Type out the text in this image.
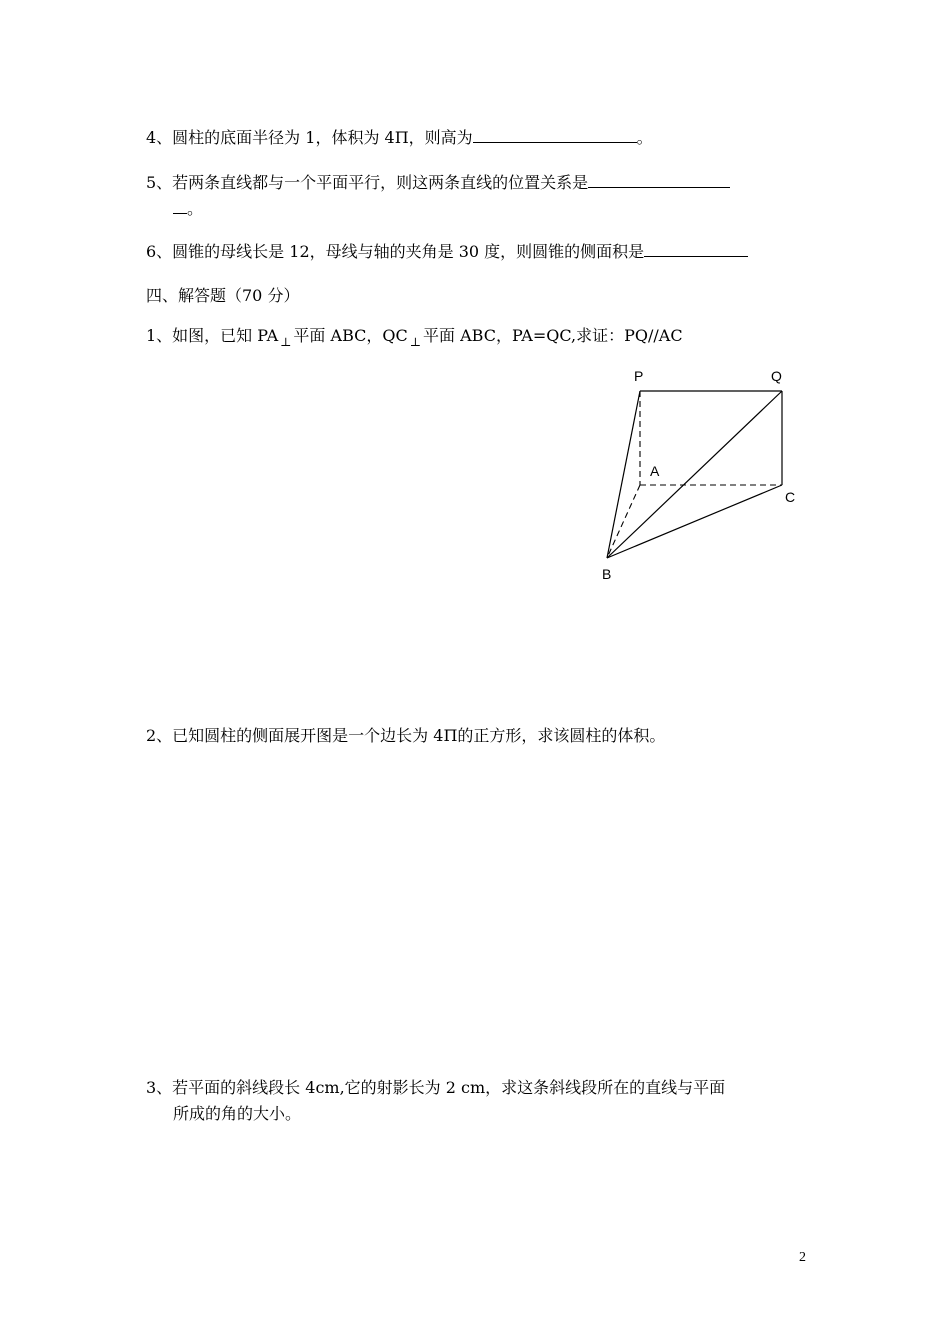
4、圆柱的底面半径为 1，体积为 4Π，则高为	。
5、若两条直线都与一个平面平行，则这两条直线的位置关系是
。
6、圆锥的母线长是 12，母线与轴的夹角是 30 度，则圆锥的侧面积是
四、解答题（70 分）
1、如图，已知 PA $_\perp$ 平面 ABC，QC $_\perp$ 平面 ABC，PA=QC,求证：PQ//AC
P	Q
A
C
B
2、已知圆柱的侧面展开图是一个边长为 4Π的正方形，求该圆柱的体积。
3、若平面的斜线段长 4cm,它的射影长为 2 cm，求这条斜线段所在的直线与平面
所成的角的大小。
2
